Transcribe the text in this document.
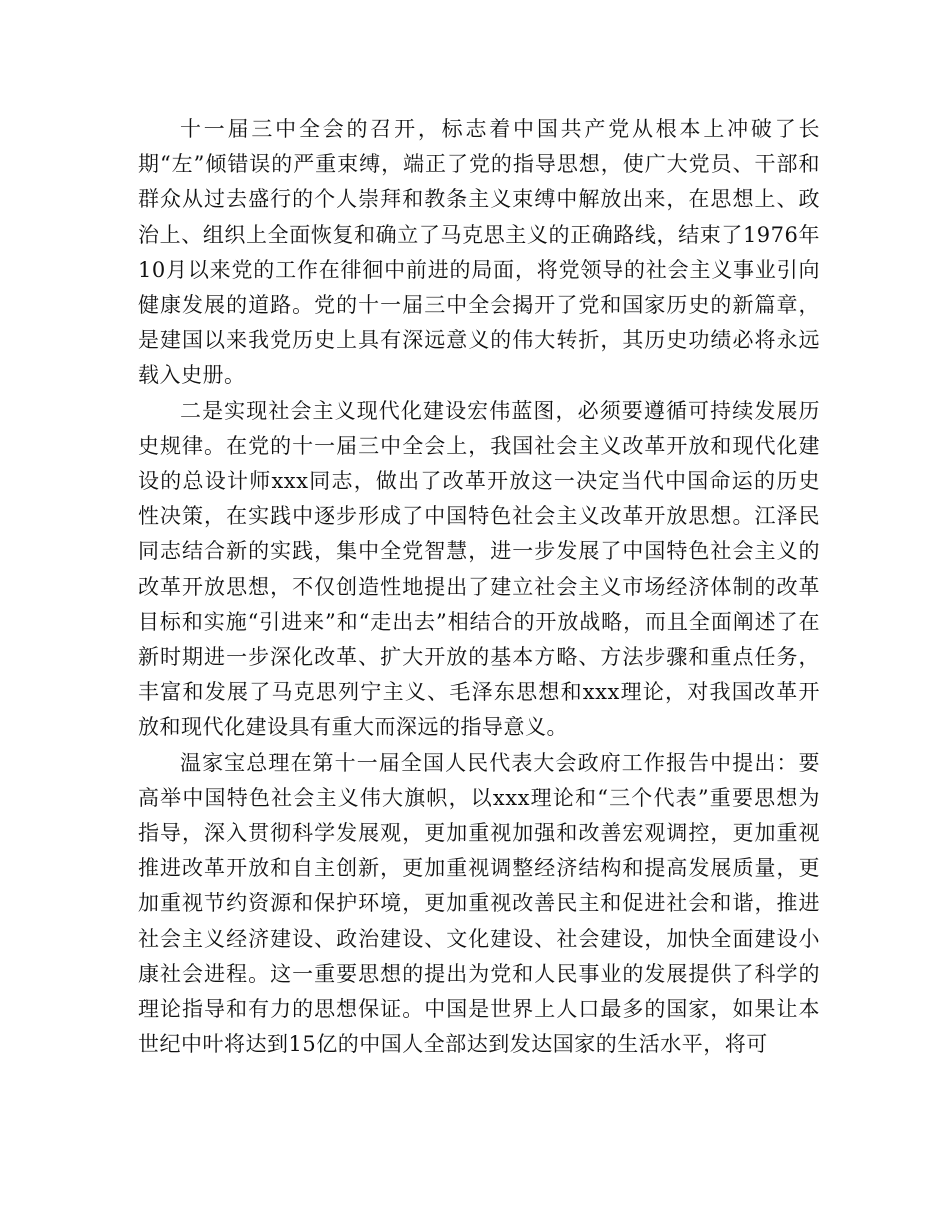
十一届三中全会的召开，标志着中国共产党从根本上冲破了长期“左”倾错误的严重束缚，端正了党的指导思想，使广大党员、干部和群众从过去盛行的个人崇拜和教条主义束缚中解放出来，在思想上、政治上、组织上全面恢复和确立了马克思主义的正确路线，结束了1976年10月以来党的工作在徘徊中前进的局面，将党领导的社会主义事业引向健康发展的道路。党的十一届三中全会揭开了党和国家历史的新篇章，是建国以来我党历史上具有深远意义的伟大转折，其历史功绩必将永远载入史册。

二是实现社会主义现代化建设宏伟蓝图，必须要遵循可持续发展历史规律。在党的十一届三中全会上，我国社会主义改革开放和现代化建设的总设计师xxx同志，做出了改革开放这一决定当代中国命运的历史性决策，在实践中逐步形成了中国特色社会主义改革开放思想。江泽民同志结合新的实践，集中全党智慧，进一步发展了中国特色社会主义的改革开放思想，不仅创造性地提出了建立社会主义市场经济体制的改革目标和实施“引进来”和“走出去”相结合的开放战略，而且全面阐述了在新时期进一步深化改革、扩大开放的基本方略、方法步骤和重点任务，丰富和发展了马克思列宁主义、毛泽东思想和xxx理论，对我国改革开放和现代化建设具有重大而深远的指导意义。

温家宝总理在第十一届全国人民代表大会政府工作报告中提出：要高举中国特色社会主义伟大旗帜，以xxx理论和“三个代表”重要思想为指导，深入贯彻科学发展观，更加重视加强和改善宏观调控，更加重视推进改革开放和自主创新，更加重视调整经济结构和提高发展质量，更加重视节约资源和保护环境，更加重视改善民主和促进社会和谐，推进社会主义经济建设、政治建设、文化建设、社会建设，加快全面建设小康社会进程。这一重要思想的提出为党和人民事业的发展提供了科学的理论指导和有力的思想保证。中国是世界上人口最多的国家，如果让本世纪中叶将达到15亿的中国人全部达到发达国家的生活水平，将可
